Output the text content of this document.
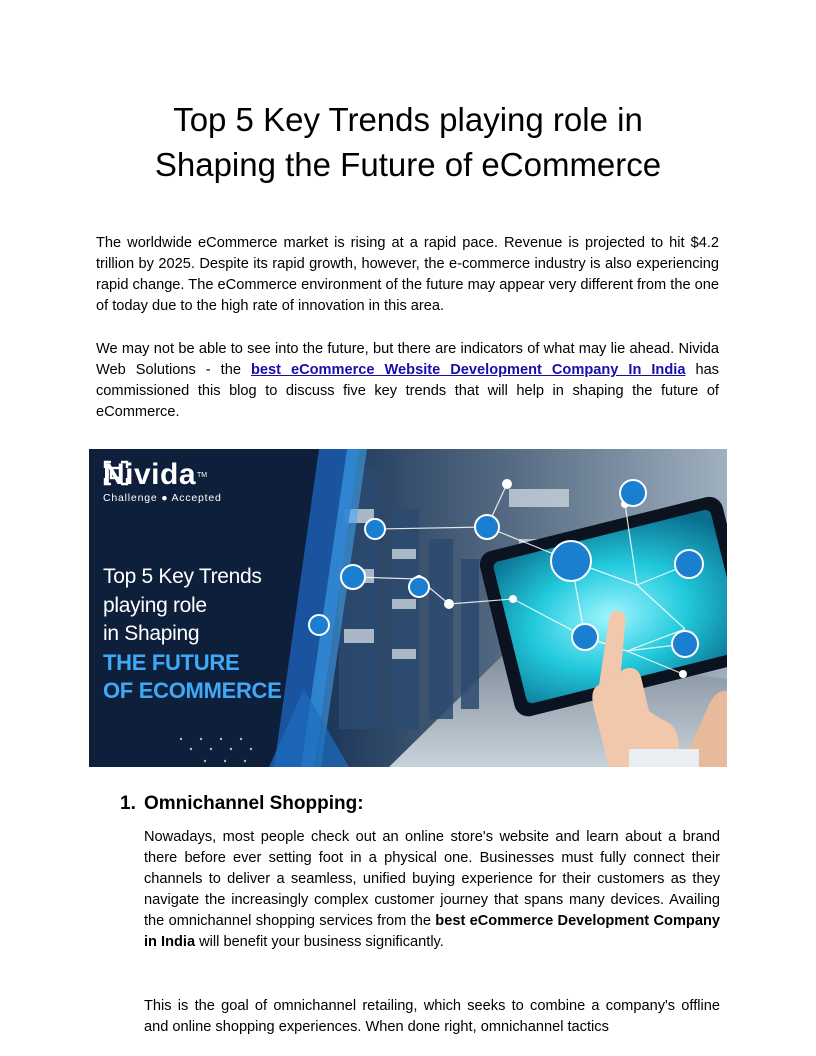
Top 5 Key Trends playing role in
Shaping the Future of eCommerce

The worldwide eCommerce market is rising at a rapid pace. Revenue is projected to hit $4.2 trillion by 2025. Despite its rapid growth, however, the e-commerce industry is also experiencing rapid change. The eCommerce environment of the future may appear very different from the one of today due to the high rate of innovation in this area.

We may not be able to see into the future, but there are indicators of what may lie ahead. Nivida Web Solutions - the best eCommerce Website Development Company In India has commissioned this blog to discuss five key trends that will help in shaping the future of eCommerce.

Nivida TM
Challenge ● Accepted
Top 5 Key Trends
playing role
in Shaping
THE FUTURE
OF ECOMMERCE
1. Omnichannel Shopping:

Nowadays, most people check out an online store's website and learn about a brand there before ever setting foot in a physical one. Businesses must fully connect their channels to deliver a seamless, unified buying experience for their customers as they navigate the increasingly complex customer journey that spans many devices. Availing the omnichannel shopping services from the best eCommerce Development Company in India will benefit your business significantly.

This is the goal of omnichannel retailing, which seeks to combine a company's offline and online shopping experiences. When done right, omnichannel tactics
